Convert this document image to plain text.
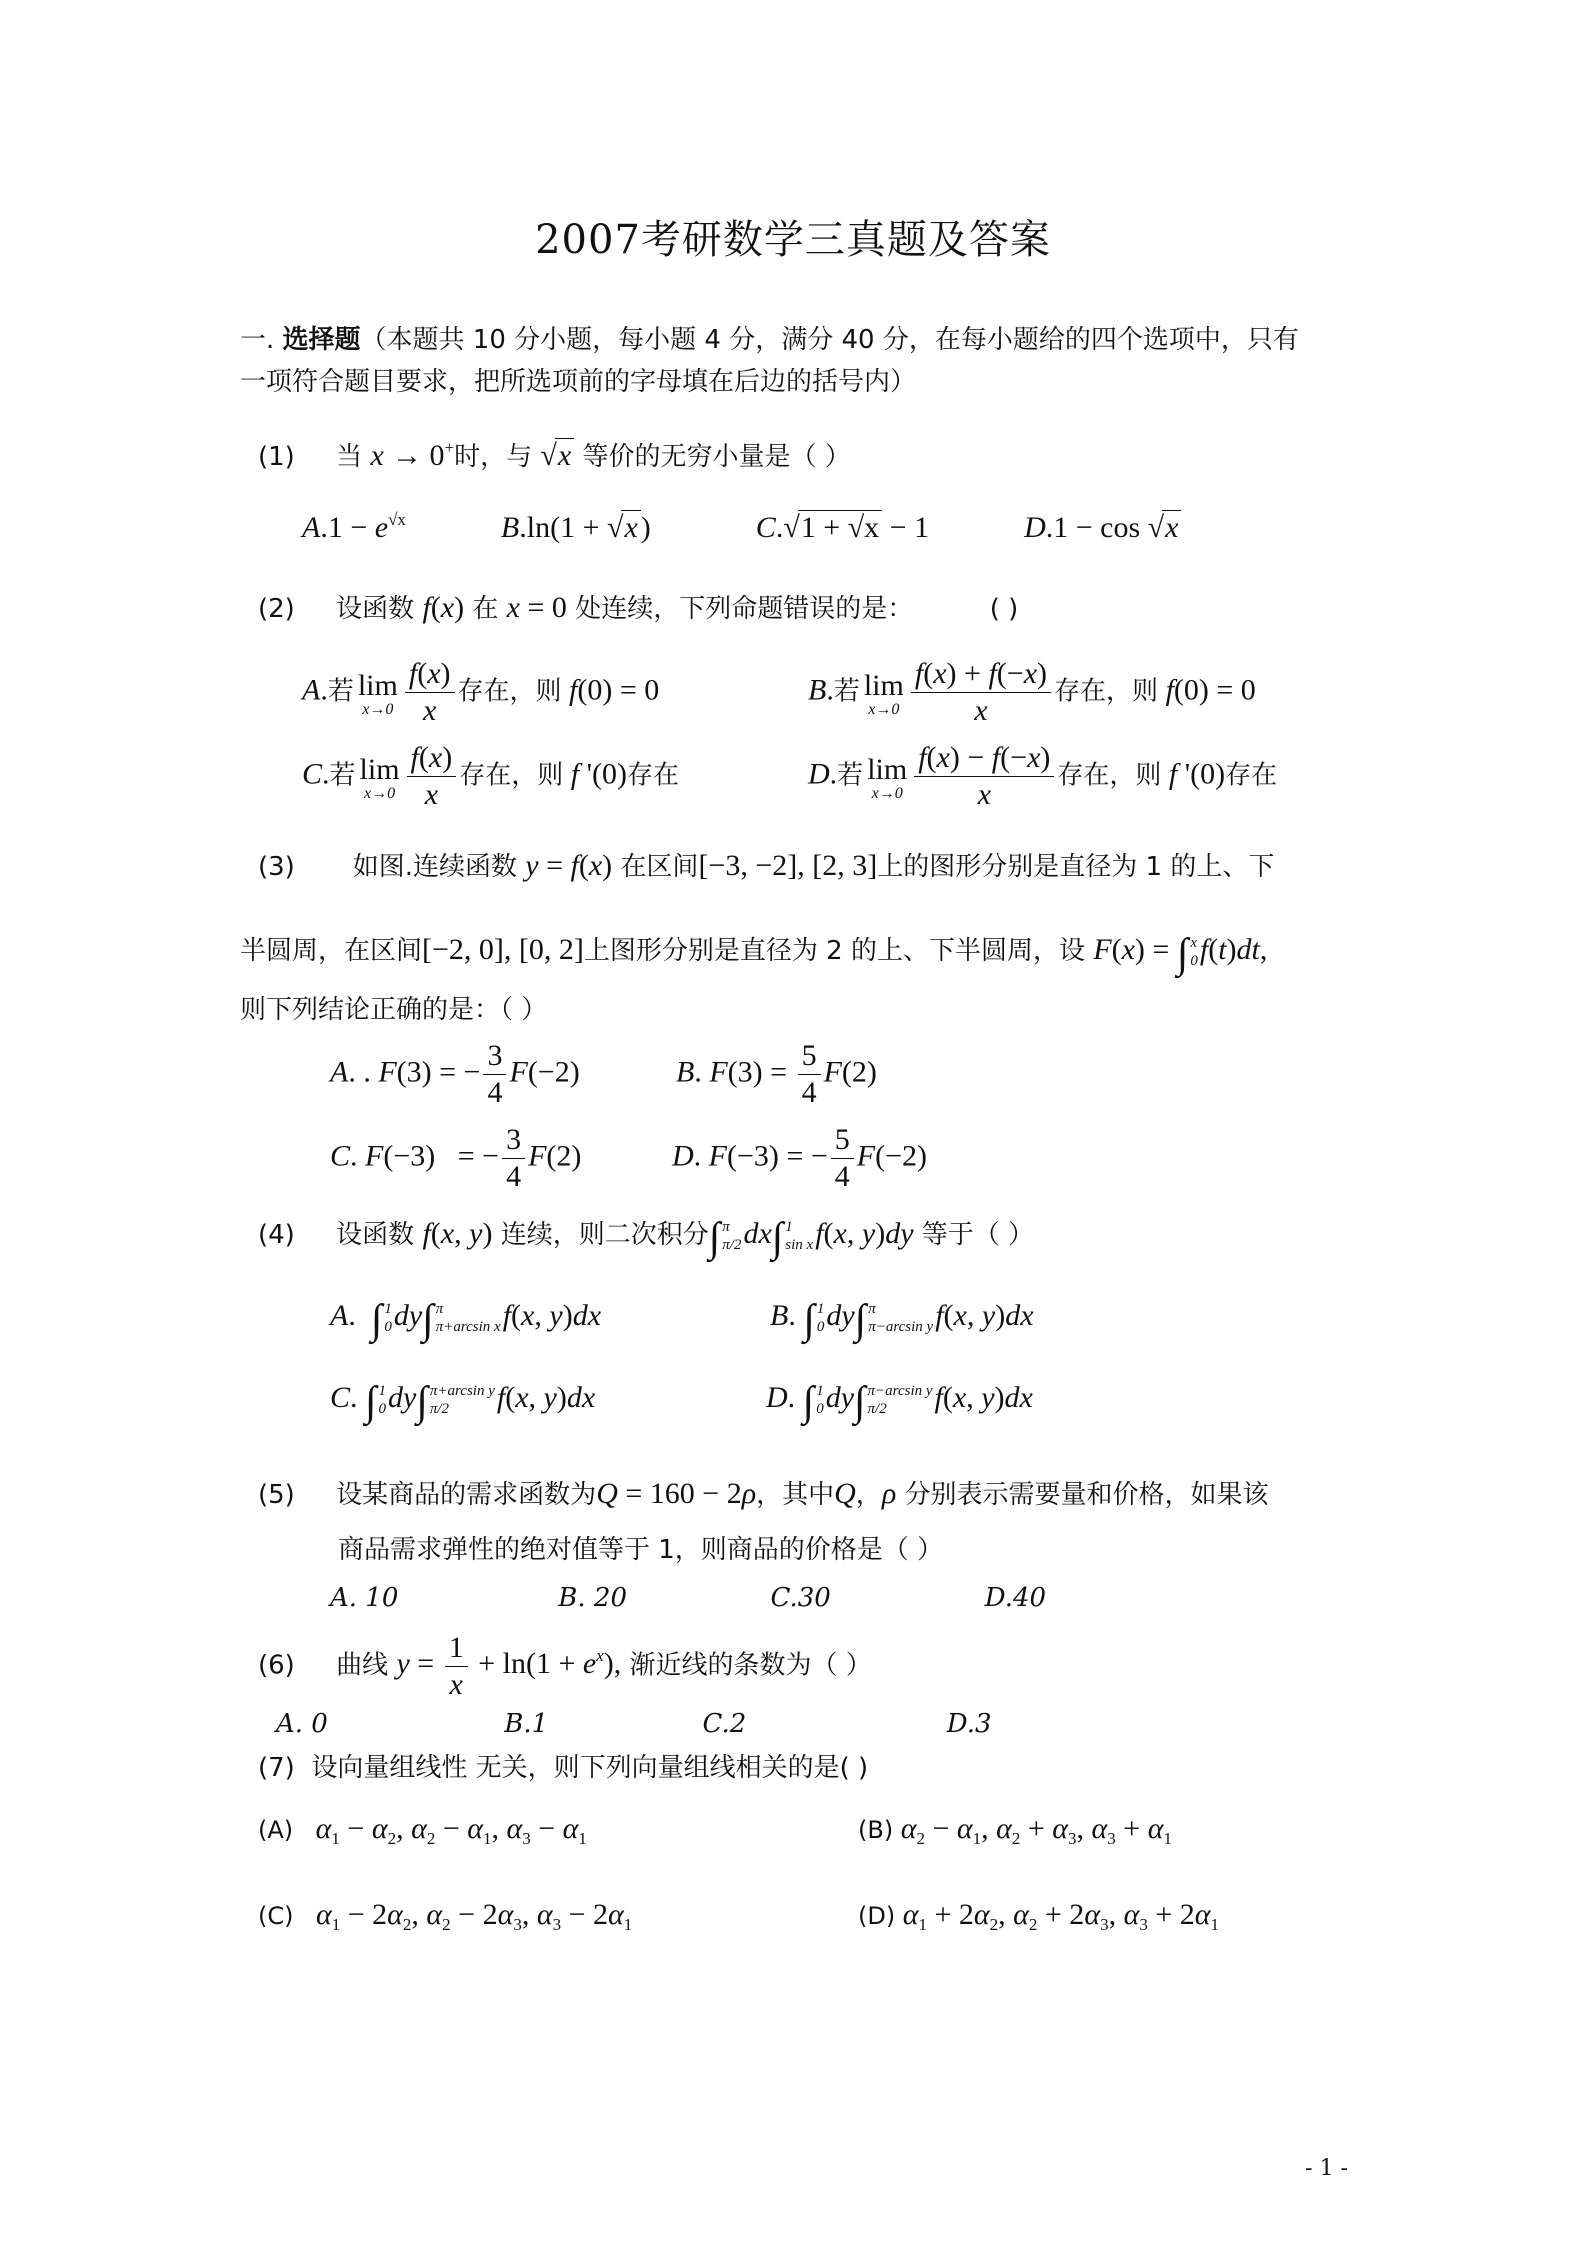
2007考研数学三真题及答案
一. 选择题（本题共 10 分小题，每小题 4 分，满分 40 分，在每小题给的四个选项中，只有
一项符合题目要求，把所选项前的字母填在后边的括号内）
(1) 当 x → 0+时，与 √x 等价的无穷小量是（ ）
$A.1 - e^{√x}$	B.ln(1 + √x )	C.√1 + √x − 1	D.1 − cos √x
(2) 设函数 f(x) 在 x = 0 处连续，下列命题错误的是：	( )
A.若 lim
$x\to 0 \frac{f(x)}{x}$ 存在，则 f(0) = 0	B.若 lim
$x\to 0 \frac{f(x) + f(-x)}{x}$ 存在，则 f(0) = 0
C.若 lim
$x\to 0 \frac{f(x)}{x}$ 存在，则 f '(0)存在	D.若 lim
$x\to 0 \frac{f(x) - f(-x)}{x}$ 存在，则 f '(0)存在
(3) 如图.连续函数 y = f(x) 在区间[−3, −2], [2, 3]上的图形分别是直径为 1 的上、下
半圆周，在区间[−2, 0], [0, 2]上图形分别是直径为 2 的上、下半圆周，设 F(x) = ∫ x
0 f(t)dt,
则下列结论正确的是：（ ）
A. . F(3) = − $\frac{3}{4} F(-2)$	B. $F(3) = \frac{5}{4} F(2)$
C. F(−3)   = − $\frac{3}{4} F(2)$	D. F(−3) = − $\frac{5}{4} F(-2)$
(4) 设函数 f(x, y) 连续，则二次积分∫ π
π/2 dx∫ 1
sin x f(x, y)dy 等于（ ）
A.  ∫ 1
0 dy∫ π
π+arcsin x f(x, y)dx	B. ∫ 1
0 dy∫ π
π−arcsin y f(x, y)dx
C. ∫ 1
0 dy∫ π+arcsin y
π/2	f(x, y)dx	D. ∫ 1
0 dy∫ π−arcsin y
π/2	f(x, y)dx
(5) 设某商品的需求函数为Q = 160 − 2ρ，其中Q，ρ 分别表示需要量和价格，如果该
商品需求弹性的绝对值等于 1，则商品的价格是（ ）
A. 10	B. 20	C.30	D.40
(6) 曲线 $y = \frac{1}{x} + \ln(1 + e^x)$, 渐近线的条数为（ ）
A. 0	B.1	C.2	D.3
(7) 设向量组线性 无关，则下列向量组线相关的是( )
(A) $\alpha_1 - \alpha_2$, $\alpha_2 - \alpha_1$, $\alpha_3 - \alpha_1$	(B) $\alpha_2 - \alpha_1$, $\alpha_2 + \alpha_3$, $\alpha_3 + \alpha_1$
(C) $\alpha_1 - 2\alpha_2$, $\alpha_2 - 2\alpha_3$, $\alpha_3 - 2\alpha_1$	(D) $\alpha_1 + 2\alpha_2$, $\alpha_2 + 2\alpha_3$, $\alpha_3 + 2\alpha_1$
- 1 -
